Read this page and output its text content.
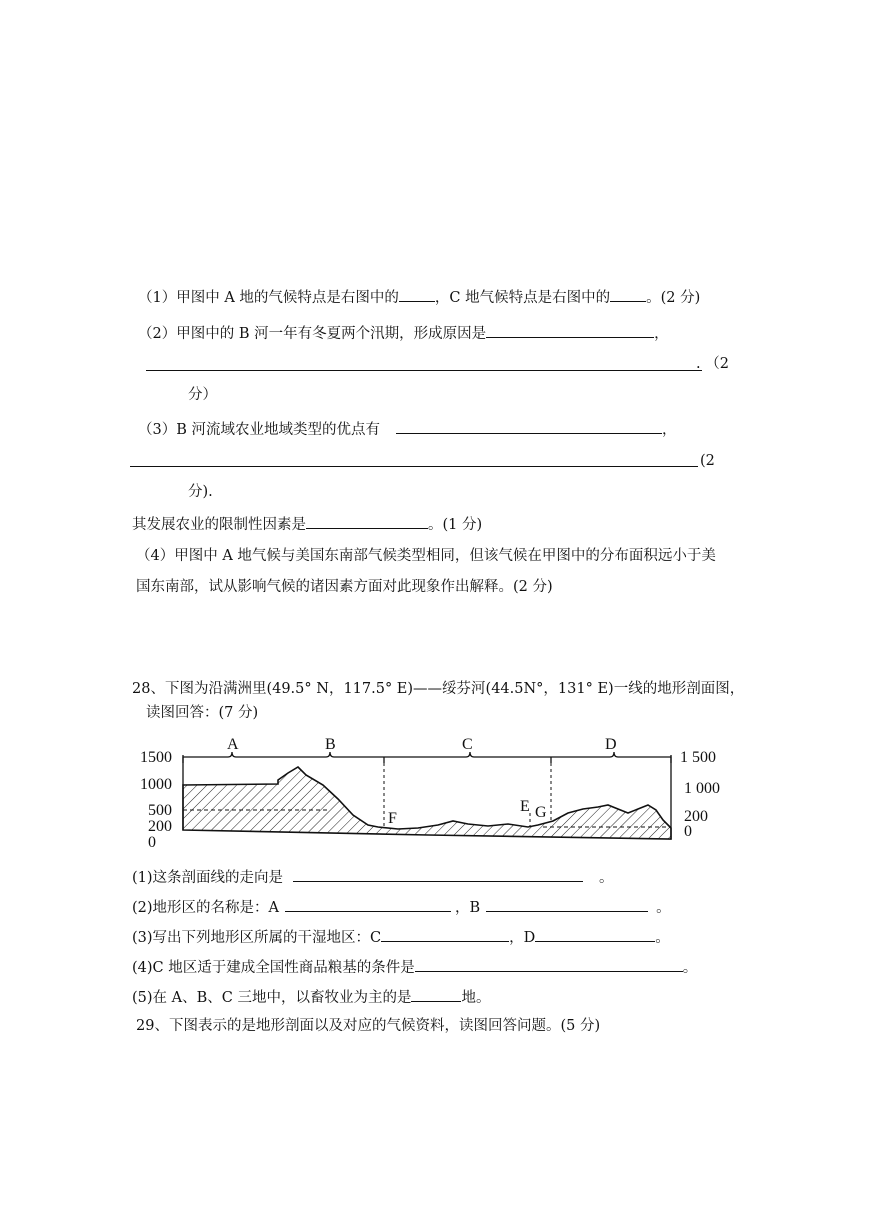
（1）甲图中 A 地的气候特点是右图中的 ，C 地气候特点是右图中的 。(2 分)
（2）甲图中的 B 河一年有冬夏两个汛期，形成原因是	，
. （2
分）
（3）B 河流域农业地域类型的优点有	，
(2
分).
其发展农业的限制性因素是	。(1 分)
（4）甲图中 A 地气候与美国东南部气候类型相同，但该气候在甲图中的分布面积远小于美
国东南部，试从影响气候的诸因素方面对此现象作出解释。(2 分)
28、下图为沿满洲里(49.5° N，117.5° E)——绥芬河(44.5N°，131° E)一线的地形剖面图，
读图回答：(7 分)
1500
1000
500
200
0
1 500
1 000
200
0
A	B	C	D
F
E G
(1)这条剖面线的走向是	。
(2)地形区的名称是：A	，B	。
(3)写出下列地形区所属的干湿地区：C	，D	。
(4)C 地区适于建成全国性商品粮基的条件是	。
(5)在 A、B、C 三地中，以畜牧业为主的是	地。
29、下图表示的是地形剖面以及对应的气候资料，读图回答问题。(5 分)
